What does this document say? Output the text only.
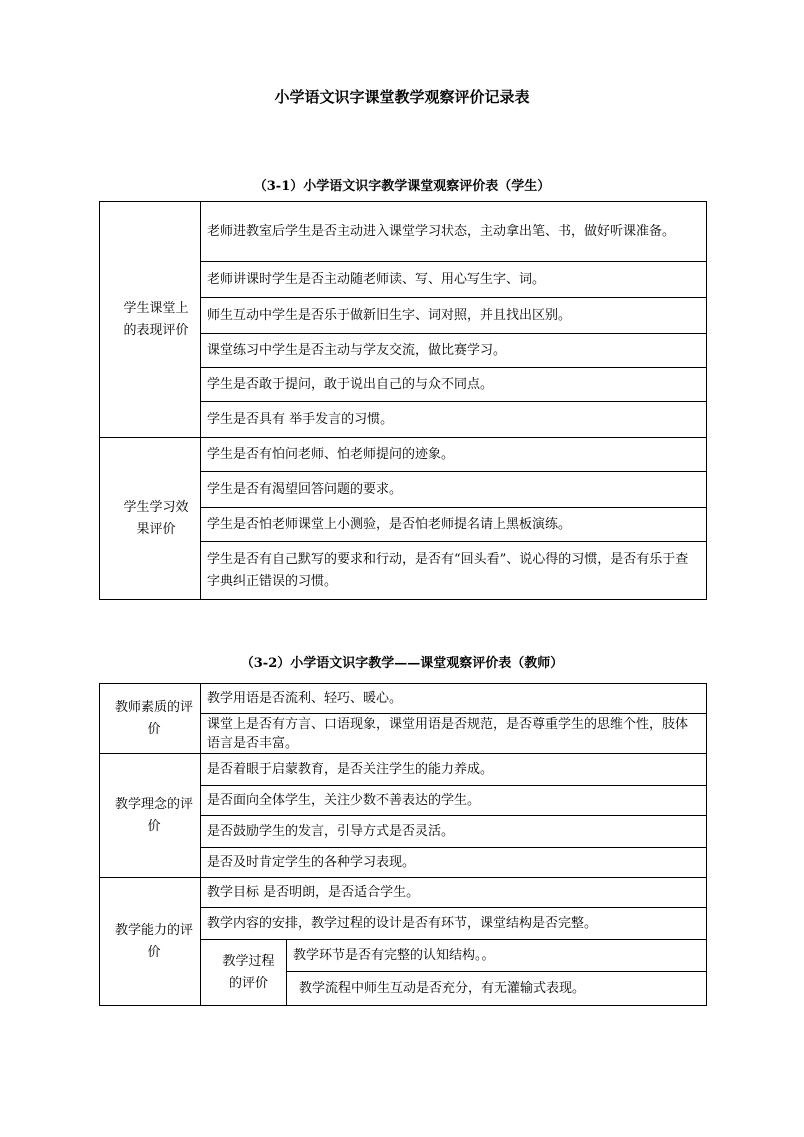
小学语文识字课堂教学观察评价记录表
（3-1）小学语文识字教学课堂观察评价表（学生）
学生课堂上的表现评价	老师进教室后学生是否主动进入课堂学习状态，主动拿出笔、书，做好听课准备。
	老师讲课时学生是否主动随老师读、写、用心写生字、词。
	师生互动中学生是否乐于做新旧生字、词对照，并且找出区别。
	课堂练习中学生是否主动与学友交流，做比赛学习。
	学生是否敢于提问，敢于说出自己的与众不同点。
	学生是否具有 举手发言的习惯。

学生学习效果评价	学生是否有怕问老师、怕老师提问的迹象。
	学生是否有渴望回答问题的要求。
	学生是否怕老师课堂上小测验，是否怕老师提名请上黑板演练。
	学生是否有自己默写的要求和行动，是否有“回头看”、说心得的习惯，是否有乐于查字典纠正错误的习惯。
（3-2）小学语文识字教学——课堂观察评价表（教师）
教师素质的评价	教学用语是否流利、轻巧、暖心。	
	课堂上是否有方言、口语现象，课堂用语是否规范，是否尊重学生的思维个性，肢体语言是否丰富。	

教学理念的评价	是否着眼于启蒙教育，是否关注学生的能力养成。	
	是否面向全体学生，关注少数不善表达的学生。	
	是否鼓励学生的发言，引导方式是否灵活。	
	是否及时肯定学生的各种学习表现。	

教学能力的评价	教学目标 是否明朗，是否适合学生。	
	教学内容的安排，教学过程的设计是否有环节，课堂结构是否完整。	

	教学过程的评价	教学环节是否有完整的认知结构。。
		教学流程中师生互动是否充分，有无灌输式表现。
